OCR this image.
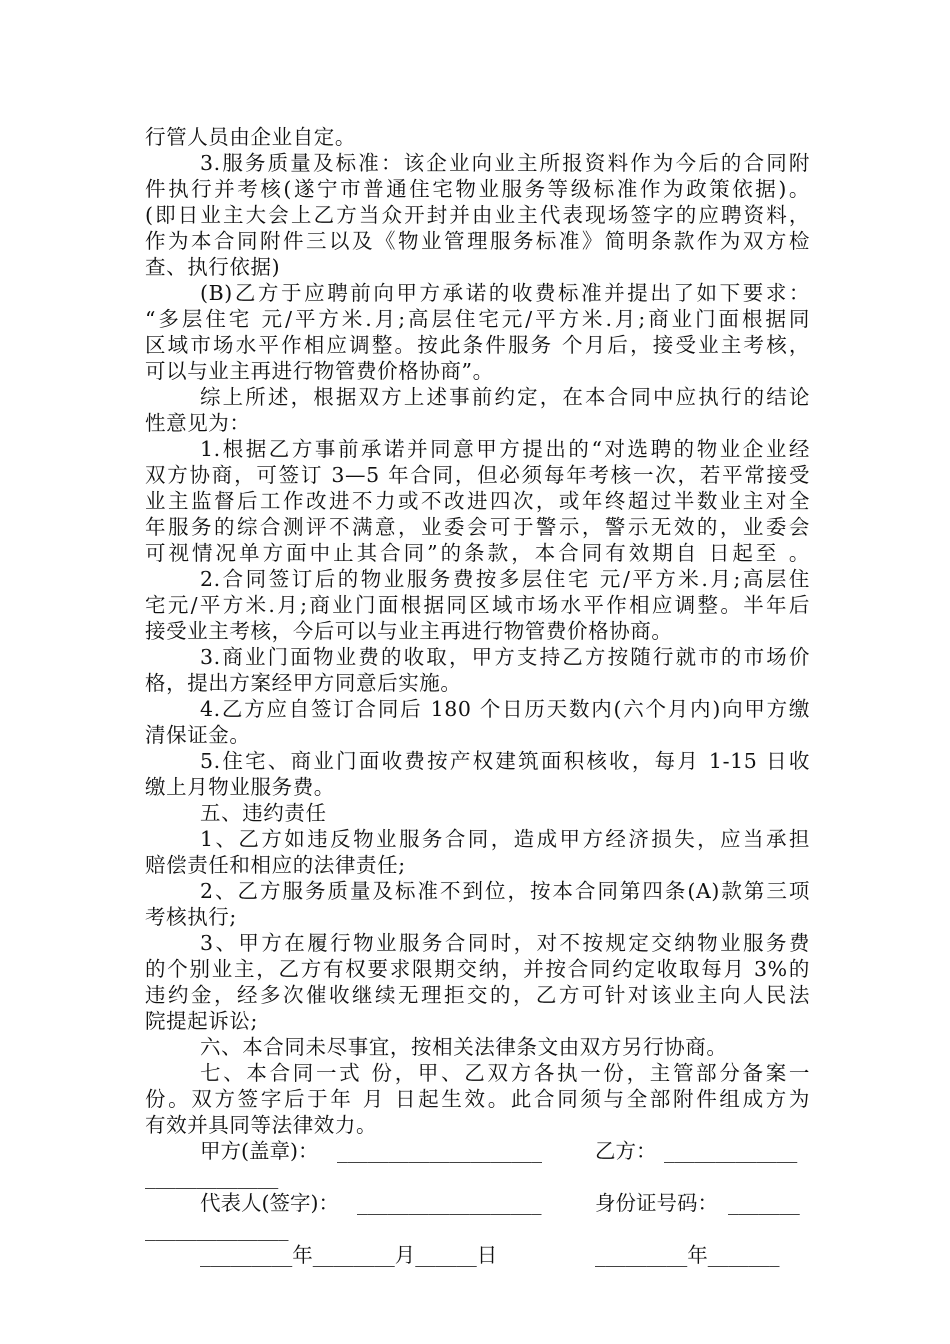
行管人员由企业自定。
3.服务质量及标准：该企业向业主所报资料作为今后的合同附
件执行并考核(遂宁市普通住宅物业服务等级标准作为政策依据)。
(即日业主大会上乙方当众开封并由业主代表现场签字的应聘资料，
作为本合同附件三以及《物业管理服务标准》简明条款作为双方检
查、执行依据)
(B)乙方于应聘前向甲方承诺的收费标准并提出了如下要求：
“多层住宅 元/平方米.月;高层住宅元/平方米.月;商业门面根据同
区域市场水平作相应调整。按此条件服务 个月后，接受业主考核，
可以与业主再进行物管费价格协商”。
综上所述，根据双方上述事前约定，在本合同中应执行的结论
性意见为：
1.根据乙方事前承诺并同意甲方提出的“对选聘的物业企业经
双方协商，可签订 3—5 年合同，但必须每年考核一次，若平常接受
业主监督后工作改进不力或不改进四次，或年终超过半数业主对全
年服务的综合测评不满意，业委会可于警示，警示无效的，业委会
可视情况单方面中止其合同”的条款，本合同有效期自 日起至 。
2.合同签订后的物业服务费按多层住宅 元/平方米.月;高层住
宅元/平方米.月;商业门面根据同区域市场水平作相应调整。半年后
接受业主考核，今后可以与业主再进行物管费价格协商。
3.商业门面物业费的收取，甲方支持乙方按随行就市的市场价
格，提出方案经甲方同意后实施。
4.乙方应自签订合同后 180 个日历天数内(六个月内)向甲方缴
清保证金。
5.住宅、商业门面收费按产权建筑面积核收，每月 1-15 日收
缴上月物业服务费。
五、违约责任
1、乙方如违反物业服务合同，造成甲方经济损失，应当承担
赔偿责任和相应的法律责任;
2、乙方服务质量及标准不到位，按本合同第四条(A)款第三项
考核执行;
3、甲方在履行物业服务合同时，对不按规定交纳物业服务费
的个别业主，乙方有权要求限期交纳，并按合同约定收取每月 3%的
违约金，经多次催收继续无理拒交的，乙方可针对该业主向人民法
院提起诉讼;
六、本合同未尽事宜，按相关法律条文由双方另行协商。
七、本合同一式 份，甲、乙双方各执一份，主管部分备案一
份。双方签字后于年 月 日起生效。此合同须与全部附件组成方为
有效并具同等法律效力。
甲方(盖章)： ____________________	乙方： _____________
_____________
代表人(签字)： __________________	身份证号码： _______
______________
_________年________月______日	_________年_______
